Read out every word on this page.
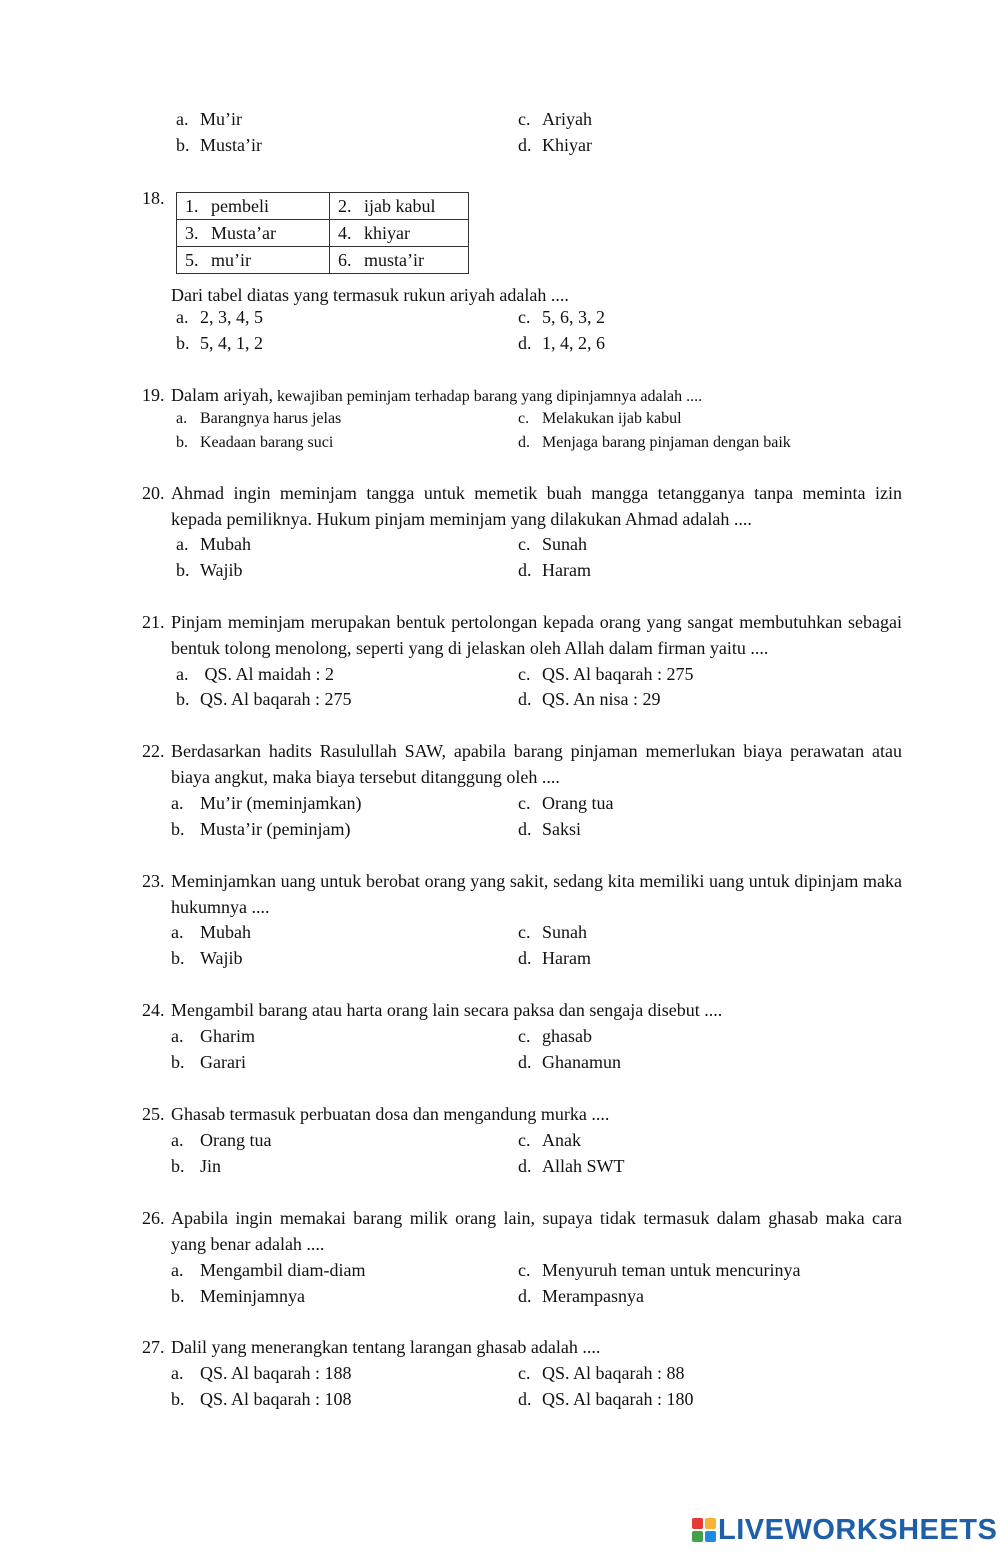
a. Mu’ir	c. Ariyah
b. Musta’ir	d. Khiyar
18. 1. pembeli	2. ijab kabul
3. Musta’ar	4. khiyar
5. mu’ir	6. musta’ir
Dari tabel diatas yang termasuk rukun ariyah adalah ....
a. 2, 3, 4, 5	c. 5, 6, 3, 2
b. 5, 4, 1, 2	d. 1, 4, 2, 6
19. Dalam ariyah, kewajiban peminjam terhadap barang yang dipinjamnya adalah ....
a. Barangnya harus jelas	c. Melakukan ijab kabul
b. Keadaan barang suci	d. Menjaga barang pinjaman dengan baik
20. Ahmad ingin meminjam tangga untuk memetik buah mangga tetangganya tanpa meminta izin kepada pemiliknya. Hukum pinjam meminjam yang dilakukan Ahmad adalah ....
a. Mubah	c. Sunah
b. Wajib	d. Haram
21. Pinjam meminjam merupakan bentuk pertolongan kepada orang yang sangat membutuhkan sebagai bentuk tolong menolong, seperti yang di jelaskan oleh Allah dalam firman yaitu ....
a. QS. Al maidah : 2	c. QS. Al baqarah : 275
b. QS. Al baqarah : 275	d. QS. An nisa : 29
22. Berdasarkan hadits Rasulullah SAW, apabila barang pinjaman memerlukan biaya perawatan atau biaya angkut, maka biaya tersebut ditanggung oleh ....
a. Mu’ir (meminjamkan)	c. Orang tua
b. Musta’ir (peminjam)	d. Saksi
23. Meminjamkan uang untuk berobat orang yang sakit, sedang kita memiliki uang untuk dipinjam maka hukumnya ....
a. Mubah	c. Sunah
b. Wajib	d. Haram
24. Mengambil barang atau harta orang lain secara paksa dan sengaja disebut ....
a. Gharim	c. ghasab
b. Garari	d. Ghanamun
25. Ghasab termasuk perbuatan dosa dan mengandung murka ....
a. Orang tua	c. Anak
b. Jin	d. Allah SWT
26. Apabila ingin memakai barang milik orang lain, supaya tidak termasuk dalam ghasab maka cara yang benar adalah ....
a. Mengambil diam-diam	c. Menyuruh teman untuk mencurinya
b. Meminjamnya	d. Merampasnya
27. Dalil yang menerangkan tentang larangan ghasab adalah ....
a. QS. Al baqarah : 188	c. QS. Al baqarah : 88
b. QS. Al baqarah : 108	d. QS. Al baqarah : 180
LIVEWORKSHEETS
